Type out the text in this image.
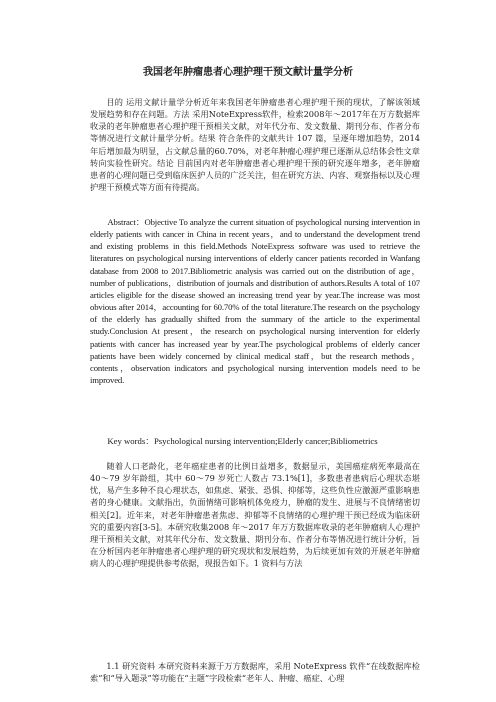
我国老年肿瘤患者心理护理干预文献计量学分析

目的 运用文献计量学分析近年来我国老年肿瘤患者心理护理干预的现状，了解该领域发展趋势和存在问题。方法 采用NoteExpress软件，检索2008年～2017年在万方数据库收录的老年肿瘤患者心理护理干预相关文献，对年代分布、发文数量、期刊分布、作者分布等情况进行文献计量学分析。结果 符合条件的文献共计 107 篇，呈逐年增加趋势，2014 年后增加最为明显，占文献总量的60.70%，对老年肿瘤心理护理已逐渐从总结体会性文章转向实验性研究。结论 目前国内对老年肿瘤患者心理护理干预的研究逐年增多，老年肿瘤患者的心理问题已受到临床医护人员的广泛关注，但在研究方法、内容、观察指标以及心理护理干预模式等方面有待提高。

Abstract：Objective To analyze the current situation of psychological nursing intervention in elderly patients with cancer in China in recent years，and to understand the development trend and existing problems in this field.Methods NoteExpress software was used to retrieve the literatures on psychological nursing interventions of elderly cancer patients recorded in Wanfang database from 2008 to 2017.Bibliometric analysis was carried out on the distribution of age，number of publications，distribution of journals and distribution of authors.Results A total of 107 articles eligible for the disease showed an increasing trend year by year.The increase was most obvious after 2014，accounting for 60.70% of the total literature.The research on the psychology of the elderly has gradually shifted from the summary of the article to the experimental study.Conclusion At present，the research on psychological nursing intervention for elderly patients with cancer has increased year by year.The psychological problems of elderly cancer patients have been widely concerned by clinical medical staff，but the research methods，contents，observation indicators and psychological nursing intervention models need to be improved.

Key words：Psychological nursing intervention;Elderly cancer;Bibliometrics

随着人口老龄化，老年癌症患者的比例日益增多，数据显示，美国癌症病死率最高在 40～79 岁年龄组，其中 60～79 岁死亡人数占 73.1%[1]，多数患者患病后心理状态堪忧，易产生多种不良心理状态，如焦虑、紧张、恐惧、抑郁等，这些负性应激源严重影响患者的身心健康。文献指出，负面情绪可影响机体免疫力，肿瘤的发生、进展与不良情绪密切相关[2]。近年来，对老年肿瘤患者焦虑、抑郁等不良情绪的心理护理干预已经成为临床研究的重要内容[3-5]。本研究收集2008 年～2017 年万方数据库收录的老年肿瘤病人心理护理干预相关文献，对其年代分布、发文数量、期刊分布、作者分布等情况进行统计分析，旨在分析国内老年肿瘤患者心理护理的研究现状和发展趋势，为后续更加有效的开展老年肿瘤病人的心理护理提供参考依据，现报告如下。1 资料与方法

1.1 研究资料 本研究资料来源于万方数据库，采用 NoteExpress 软件“在线数据库检索”和“导入题录”等功能在“主题”字段检索“老年人、肿瘤、癌症、心理
